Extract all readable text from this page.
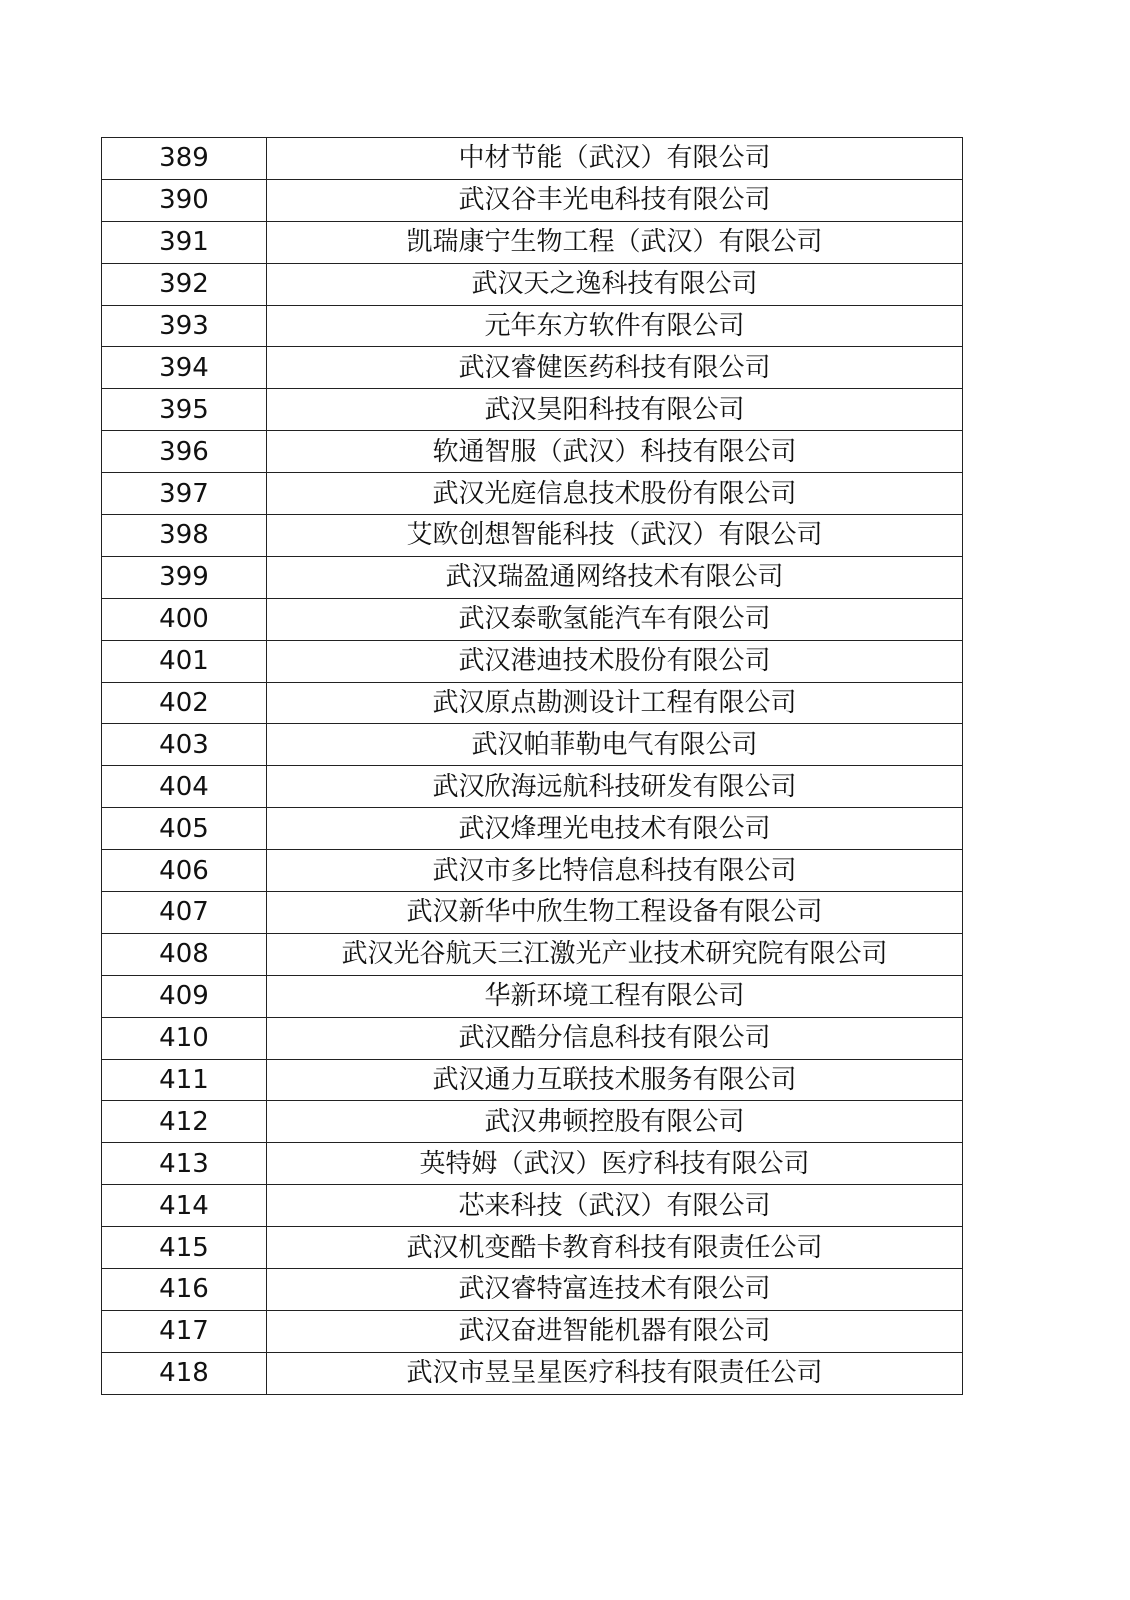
389	中材节能（武汉）有限公司
390	武汉谷丰光电科技有限公司
391	凯瑞康宁生物工程（武汉）有限公司
392	武汉天之逸科技有限公司
393	元年东方软件有限公司
394	武汉睿健医药科技有限公司
395	武汉昊阳科技有限公司
396	软通智服（武汉）科技有限公司
397	武汉光庭信息技术股份有限公司
398	艾欧创想智能科技（武汉）有限公司
399	武汉瑞盈通网络技术有限公司
400	武汉泰歌氢能汽车有限公司
401	武汉港迪技术股份有限公司
402	武汉原点勘测设计工程有限公司
403	武汉帕菲勒电气有限公司
404	武汉欣海远航科技研发有限公司
405	武汉烽理光电技术有限公司
406	武汉市多比特信息科技有限公司
407	武汉新华中欣生物工程设备有限公司
408	武汉光谷航天三江激光产业技术研究院有限公司
409	华新环境工程有限公司
410	武汉酷分信息科技有限公司
411	武汉通力互联技术服务有限公司
412	武汉弗顿控股有限公司
413	英特姆（武汉）医疗科技有限公司
414	芯来科技（武汉）有限公司
415	武汉机变酷卡教育科技有限责任公司
416	武汉睿特富连技术有限公司
417	武汉奋进智能机器有限公司
418	武汉市昱呈星医疗科技有限责任公司
